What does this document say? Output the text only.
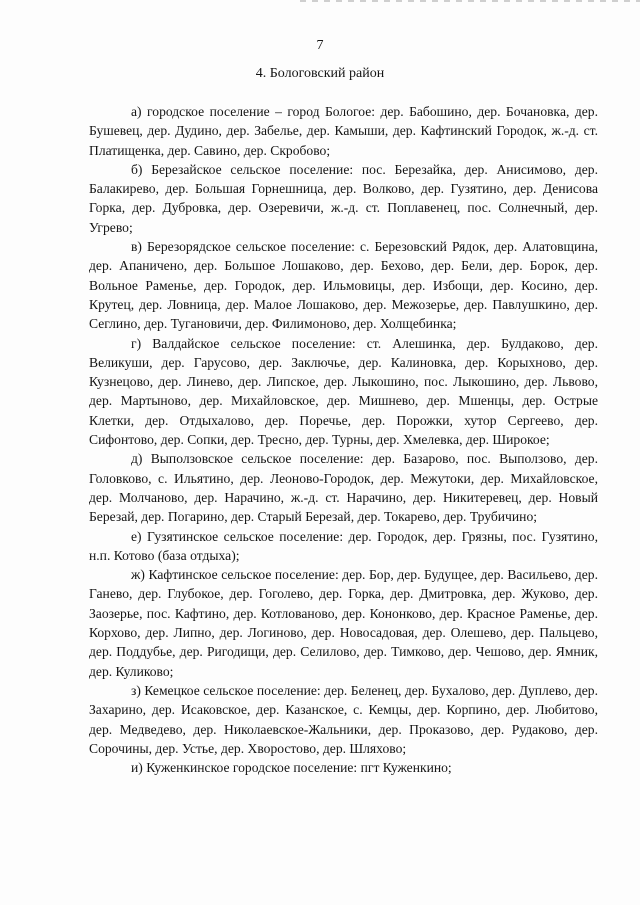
7
4. Бологовский район

а) городское поселение – город Бологое: дер. Бабошино, дер. Бочановка, дер. Бушевец, дер. Дудино, дер. Забелье, дер. Камыши, дер. Кафтинский Городок, ж.-д. ст. Платищенка, дер. Савино, дер. Скробово;

б) Березайское сельское поселение: пос. Березайка, дер. Анисимово, дер. Балакирево, дер. Большая Горнешница, дер. Волково, дер. Гузятино, дер. Денисова Горка, дер. Дубровка, дер. Озеревичи, ж.-д. ст. Поплавенец, пос. Солнечный, дер. Угрево;

в) Березорядское сельское поселение: с. Березовский Рядок, дер. Алатовщина, дер. Апаничено, дер. Большое Лошаково, дер. Бехово, дер. Бели, дер. Борок, дер. Вольное Раменье, дер. Городок, дер. Ильмовицы, дер. Избощи, дер. Косино, дер. Крутец, дер. Ловница, дер. Малое Лошаково, дер. Межозерье, дер. Павлушкино, дер. Сеглино, дер. Тугановичи, дер. Филимоново, дер. Холщебинка;

г) Валдайское сельское поселение: ст. Алешинка, дер. Булдаково, дер. Великуши, дер. Гарусово, дер. Заключье, дер. Калиновка, дер. Корыхново, дер. Кузнецово, дер. Линево, дер. Липское, дер. Лыкошино, пос. Лыкошино, дер. Львово, дер. Мартыново, дер. Михайловское, дер. Мишнево, дер. Мшенцы, дер. Острые Клетки, дер. Отдыхалово, дер. Поречье, дер. Порожки, хутор Сергеево, дер. Сифонтово, дер. Сопки, дер. Тресно, дер. Турны, дер. Хмелевка, дер. Широкое;

д) Выползовское сельское поселение: дер. Базарово, пос. Выползово, дер. Головково, с. Ильятино, дер. Леоново-Городок, дер. Межутоки, дер. Михайловское, дер. Молчаново, дер. Нарачино, ж.-д. ст. Нарачино, дер. Никитеревец, дер. Новый Березай, дер. Погарино, дер. Старый Березай, дер. Токарево, дер. Трубичино;

е) Гузятинское сельское поселение: дер. Городок, дер. Грязны, пос. Гузятино, н.п. Котово (база отдыха);

ж) Кафтинское сельское поселение: дер. Бор, дер. Будущее, дер. Васильево, дер. Ганево, дер. Глубокое, дер. Гоголево, дер. Горка, дер. Дмитровка, дер. Жуково, дер. Заозерье, пос. Кафтино, дер. Котлованово, дер. Кононково, дер. Красное Раменье, дер. Корхово, дер. Липно, дер. Логиново, дер. Новосадовая, дер. Олешево, дер. Пальцево, дер. Поддубье, дер. Ригодищи, дер. Селилово, дер. Тимково, дер. Чешово, дер. Ямник, дер. Куликово;

з) Кемецкое сельское поселение: дер. Беленец, дер. Бухалово, дер. Дуплево, дер. Захарино, дер. Исаковское, дер. Казанское, с. Кемцы, дер. Корпино, дер. Любитово, дер. Медведево, дер. Николаевское-Жальники, дер. Проказово, дер. Рудаково, дер. Сорочины, дер. Устье, дер. Хворостово, дер. Шляхово;

и) Куженкинское городское поселение: пгт Куженкино;
